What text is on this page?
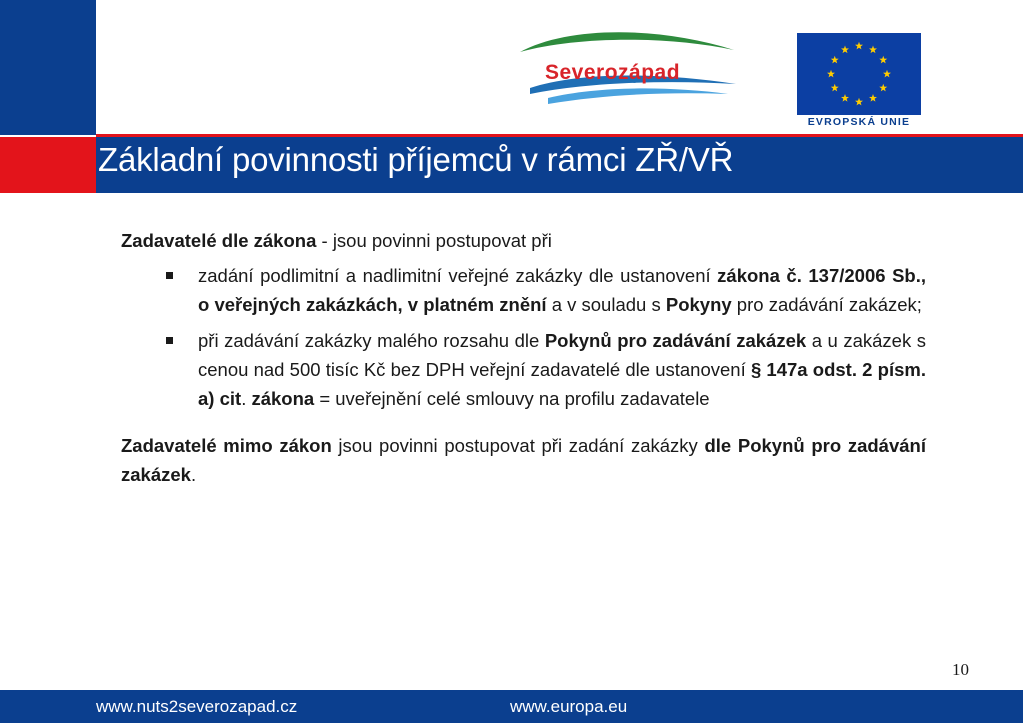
Základní povinnosti příjemců v rámci ZŘ/VŘ
Severozápad
EVROPSKÁ UNIE

Zadavatelé dle zákona - jsou povinni postupovat při

zadání podlimitní a nadlimitní veřejné zakázky dle ustanovení zákona č. 137/2006 Sb., o veřejných zakázkách, v platném znění a v souladu s Pokyny pro zadávání zakázek;
při zadávání zakázky malého rozsahu dle Pokynů pro zadávání zakázek a u zakázek s cenou nad 500 tisíc Kč bez DPH veřejní zadavatelé dle ustanovení § 147a odst. 2 písm. a) cit. zákona = uveřejnění celé smlouvy na profilu zadavatele

Zadavatelé mimo zákon jsou povinni postupovat při zadání zakázky dle Pokynů pro zadávání zakázek.

10
www.nuts2severozapad.cz	www.europa.eu
